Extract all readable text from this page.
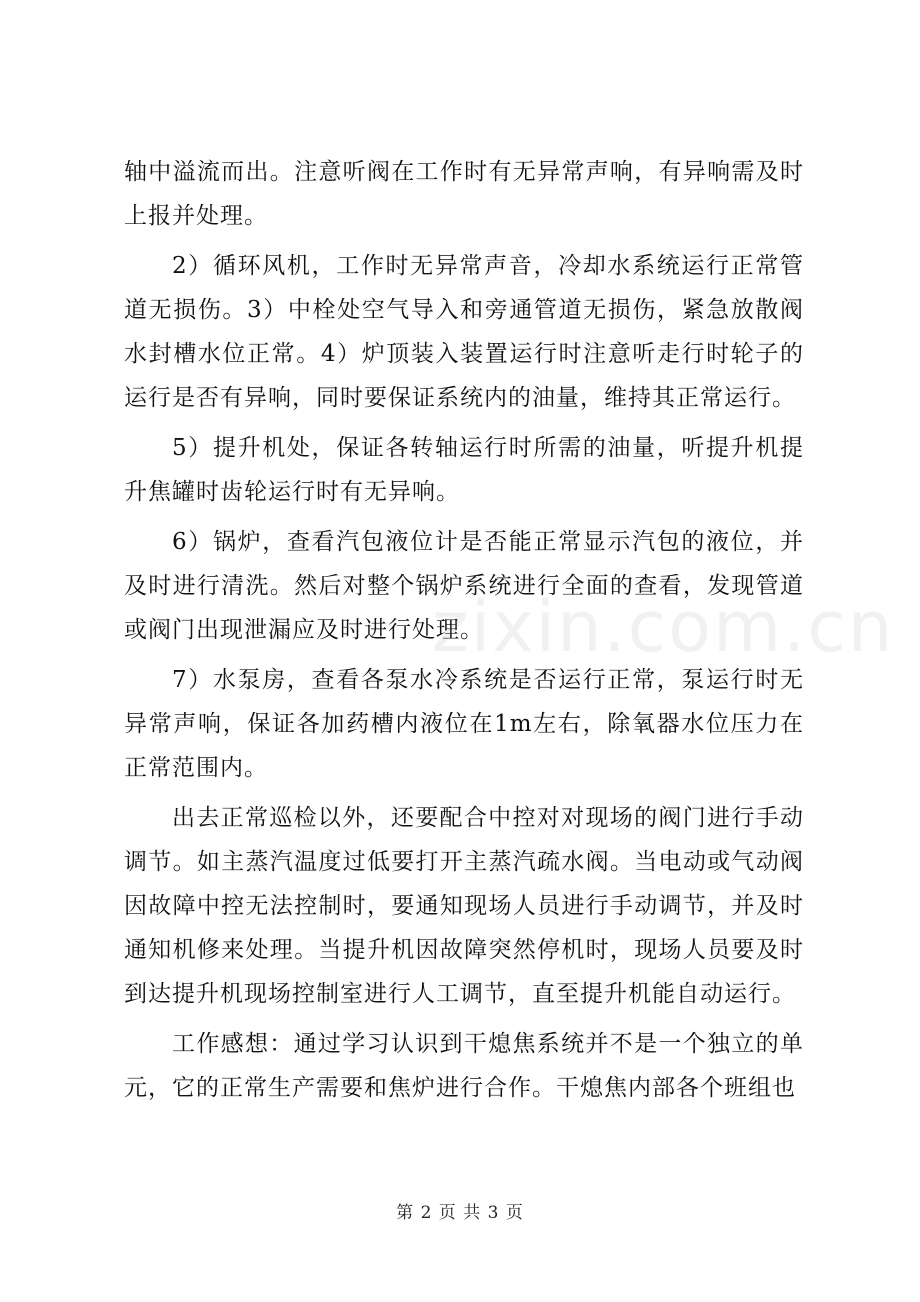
轴中溢流而出。注意听阀在工作时有无异常声响，有异响需及时上报并处理。

2）循环风机，工作时无异常声音，冷却水系统运行正常管道无损伤。3）中栓处空气导入和旁通管道无损伤，紧急放散阀水封槽水位正常。4）炉顶装入装置运行时注意听走行时轮子的运行是否有异响，同时要保证系统内的油量，维持其正常运行。

5）提升机处，保证各转轴运行时所需的油量，听提升机提升焦罐时齿轮运行时有无异响。

6）锅炉，查看汽包液位计是否能正常显示汽包的液位，并及时进行清洗。然后对整个锅炉系统进行全面的查看，发现管道或阀门出现泄漏应及时进行处理。

7）水泵房，查看各泵水冷系统是否运行正常，泵运行时无异常声响，保证各加药槽内液位在1m左右，除氧器水位压力在正常范围内。

出去正常巡检以外，还要配合中控对对现场的阀门进行手动调节。如主蒸汽温度过低要打开主蒸汽疏水阀。当电动或气动阀因故障中控无法控制时，要通知现场人员进行手动调节，并及时通知机修来处理。当提升机因故障突然停机时，现场人员要及时到达提升机现场控制室进行人工调节，直至提升机能自动运行。

工作感想：通过学习认识到干熄焦系统并不是一个独立的单元，它的正常生产需要和焦炉进行合作。干熄焦内部各个班组也

zixin.com.cn
第 2 页 共 3 页
